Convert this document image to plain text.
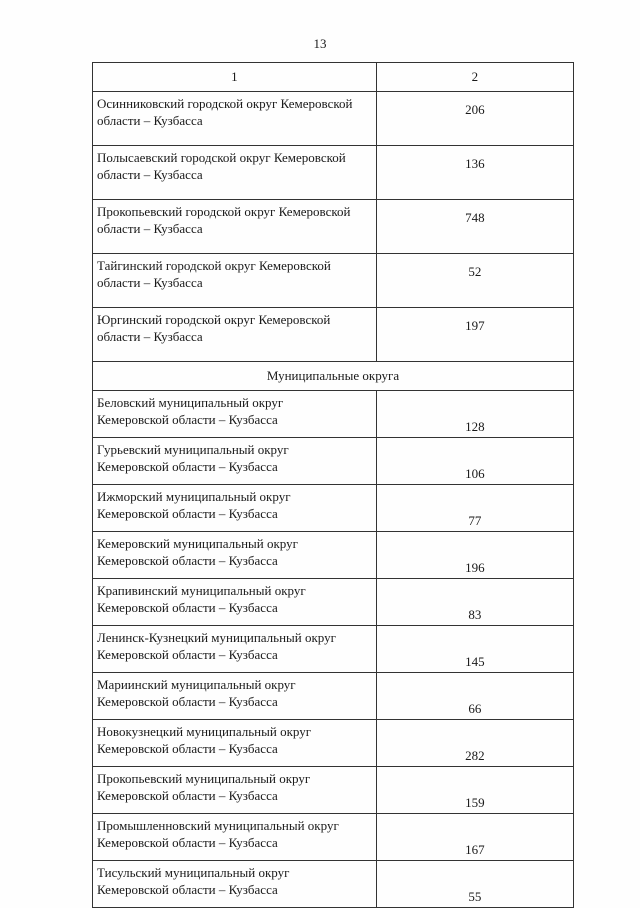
13
1	2
Осинниковский городской округ Кемеровской
области – Кузбасса	206
Полысаевский городской округ Кемеровской
области – Кузбасса	136
Прокопьевский городской округ Кемеровской
области – Кузбасса	748
Тайгинский городской округ Кемеровской
области – Кузбасса	52
Юргинский городской округ Кемеровской
области – Кузбасса	197
Муниципальные округа	
Беловский муниципальный округ
Кемеровской области – Кузбасса	128
Гурьевский муниципальный округ
Кемеровской области – Кузбасса	106
Ижморский муниципальный округ
Кемеровской области – Кузбасса	77
Кемеровский муниципальный округ
Кемеровской области – Кузбасса	196
Крапивинский муниципальный округ
Кемеровской области – Кузбасса	83
Ленинск-Кузнецкий муниципальный округ
Кемеровской области – Кузбасса	145
Мариинский муниципальный округ
Кемеровской области – Кузбасса	66
Новокузнецкий муниципальный округ
Кемеровской области – Кузбасса	282
Прокопьевский муниципальный округ
Кемеровской области – Кузбасса	159
Промышленновский муниципальный округ
Кемеровской области – Кузбасса	167
Тисульский муниципальный округ
Кемеровской области – Кузбасса	55
